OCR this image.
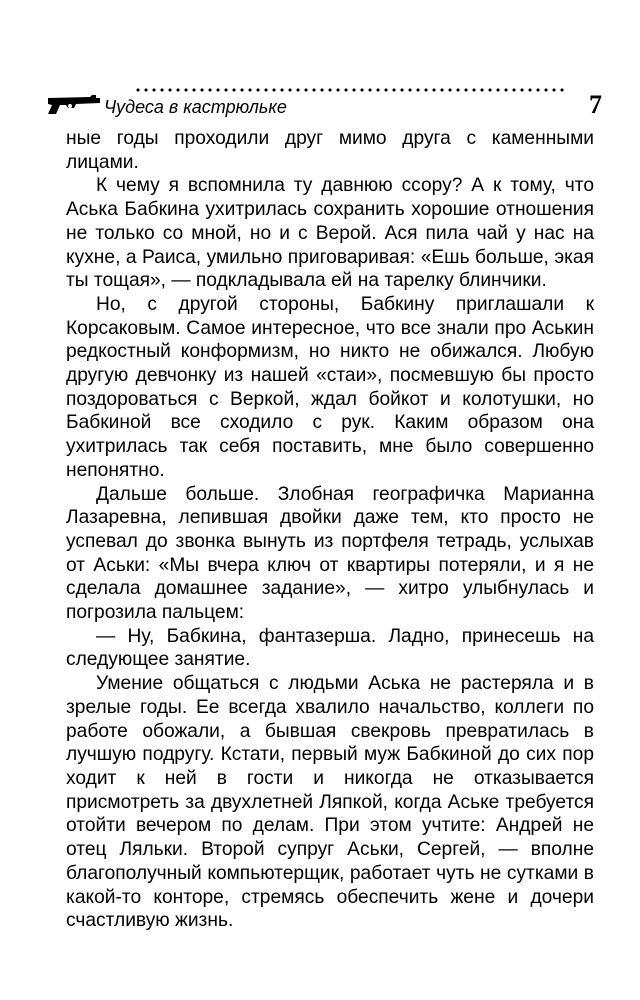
Чудеса в кастрюльке	7

ные годы проходили друг мимо друга с каменными лицами.

К чему я вспомнила ту давнюю ссору? А к тому, что Аська Бабкина ухитрилась сохранить хорошие отношения не только со мной, но и с Верой. Ася пила чай у нас на кухне, а Раиса, умильно приговаривая: «Ешь больше, экая ты тощая», — подкладывала ей на тарелку блинчики.

Но, с другой стороны, Бабкину приглашали к Корсаковым. Самое интересное, что все знали про Аськин редкостный конформизм, но никто не обижался. Любую другую девчонку из нашей «стаи», посмевшую бы просто поздороваться с Веркой, ждал бойкот и колотушки, но Бабкиной все сходило с рук. Каким образом она ухитрилась так себя поставить, мне было совершенно непонятно.

Дальше больше. Злобная географичка Марианна Лазаревна, лепившая двойки даже тем, кто просто не успевал до звонка вынуть из портфеля тетрадь, услыхав от Аськи: «Мы вчера ключ от квартиры потеряли, и я не сделала домашнее задание», — хитро улыбнулась и погрозила пальцем:

— Ну, Бабкина, фантазерша. Ладно, принесешь на следующее занятие.

Умение общаться с людьми Аська не растеряла и в зрелые годы. Ее всегда хвалило начальство, коллеги по работе обожали, а бывшая свекровь превратилась в лучшую подругу. Кстати, первый муж Бабкиной до сих пор ходит к ней в гости и никогда не отказывается присмотреть за двухлетней Ляпкой, когда Аське требуется отойти вечером по делам. При этом учтите: Андрей не отец Ляльки. Второй супруг Аськи, Сергей, — вполне благополучный компьютерщик, работает чуть не сутками в какой-то конторе, стремясь обеспечить жене и дочери счастливую жизнь.
